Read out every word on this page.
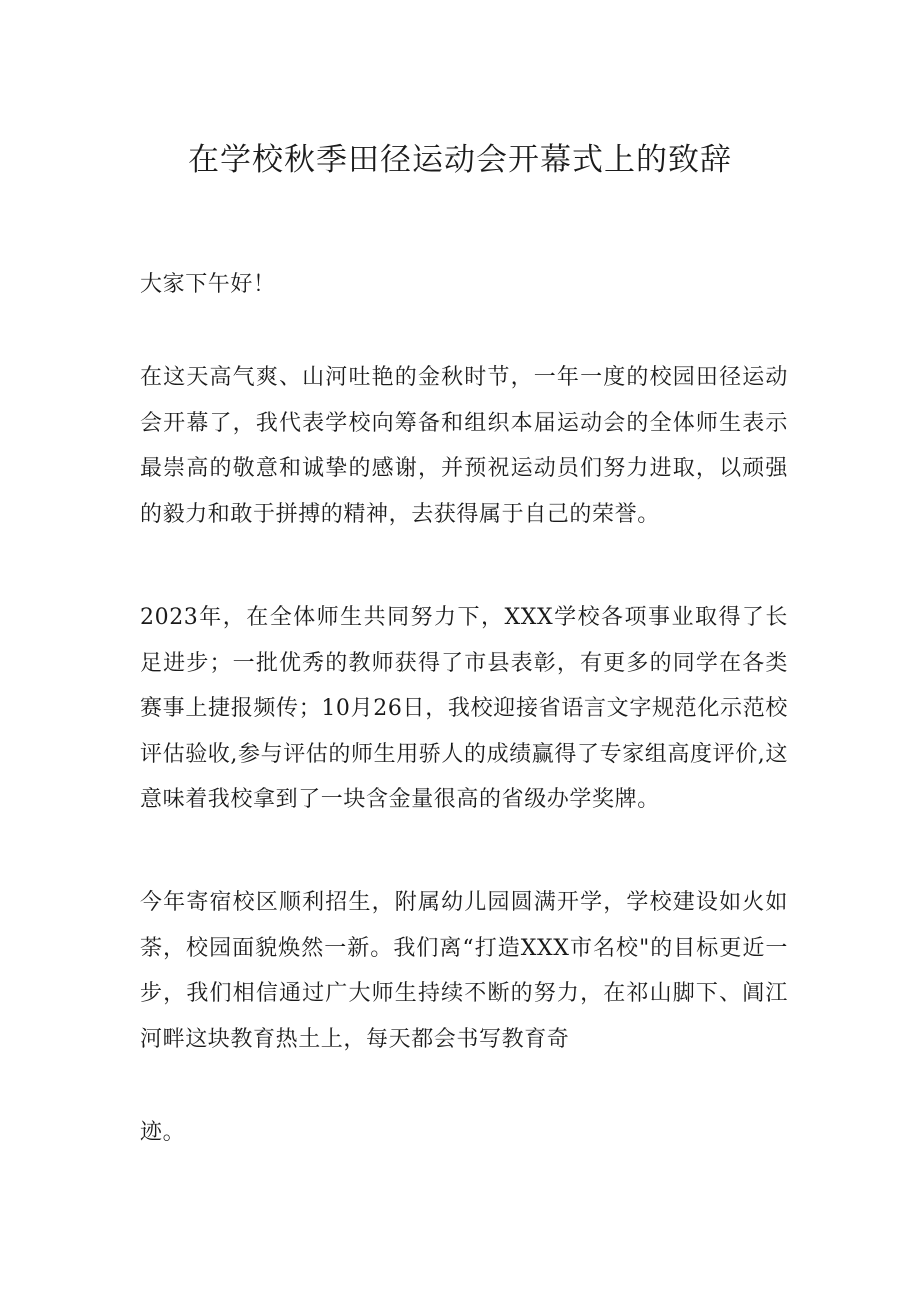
在学校秋季田径运动会开幕式上的致辞

大家下午好！

在这天高气爽、山河吐艳的金秋时节，一年一度的校园田径运动会开幕了，我代表学校向筹备和组织本届运动会的全体师生表示最崇高的敬意和诚挚的感谢，并预祝运动员们努力进取，以顽强的毅力和敢于拼搏的精神，去获得属于自己的荣誉。

2023年，在全体师生共同努力下，XXX学校各项事业取得了长足进步；一批优秀的教师获得了市县表彰，有更多的同学在各类赛事上捷报频传；10月26日，我校迎接省语言文字规范化示范校评估验收,参与评估的师生用骄人的成绩赢得了专家组高度评价,这意味着我校拿到了一块含金量很高的省级办学奖牌。

今年寄宿校区顺利招生，附属幼儿园圆满开学，学校建设如火如荼，校园面貌焕然一新。我们离“打造XXX市名校"的目标更近一步，我们相信通过广大师生持续不断的努力，在祁山脚下、阊江河畔这块教育热土上，每天都会书写教育奇

迹。
